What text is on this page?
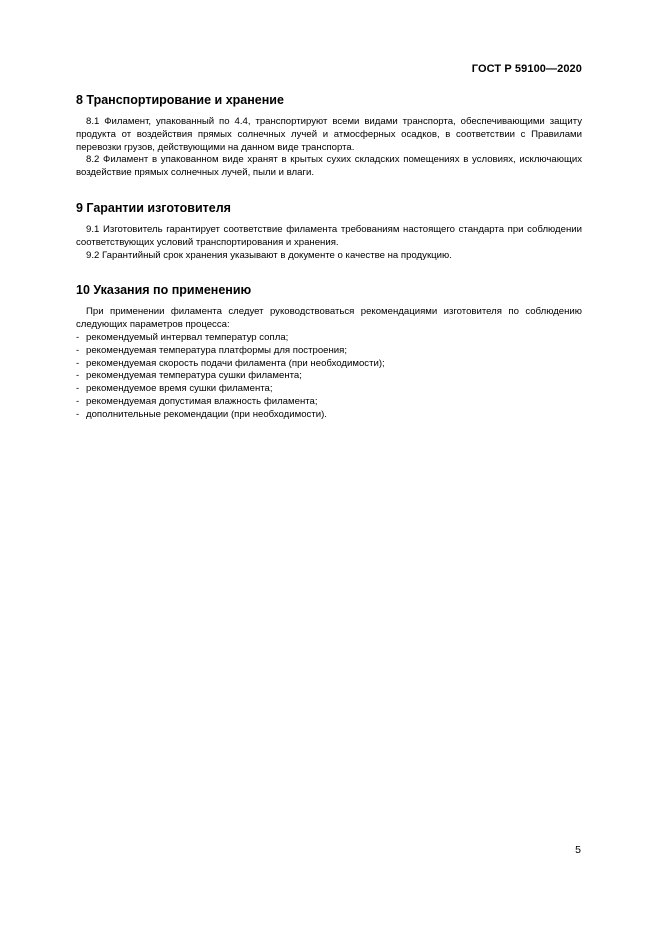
ГОСТ Р 59100—2020
8 Транспортирование и хранение

8.1 Филамент, упакованный по 4.4, транспортируют всеми видами транспорта, обеспечивающими защиту продукта от воздействия прямых солнечных лучей и атмосферных осадков, в соответствии с Правилами перевозки грузов, действующими на данном виде транспорта.

8.2 Филамент в упакованном виде хранят в крытых сухих складских помещениях в условиях, исключающих воздействие прямых солнечных лучей, пыли и влаги.

9 Гарантии изготовителя

9.1 Изготовитель гарантирует соответствие филамента требованиям настоящего стандарта при соблюдении соответствующих условий транспортирования и хранения.

9.2 Гарантийный срок хранения указывают в документе о качестве на продукцию.

10 Указания по применению

При применении филамента следует руководствоваться рекомендациями изготовителя по соблюдению следующих параметров процесса:

- рекомендуемый интервал температур сопла;
- рекомендуемая температура платформы для построения;
- рекомендуемая скорость подачи филамента (при необходимости);
- рекомендуемая температура сушки филамента;
- рекомендуемое время сушки филамента;
- рекомендуемая допустимая влажность филамента;
- дополнительные рекомендации (при необходимости).
5
